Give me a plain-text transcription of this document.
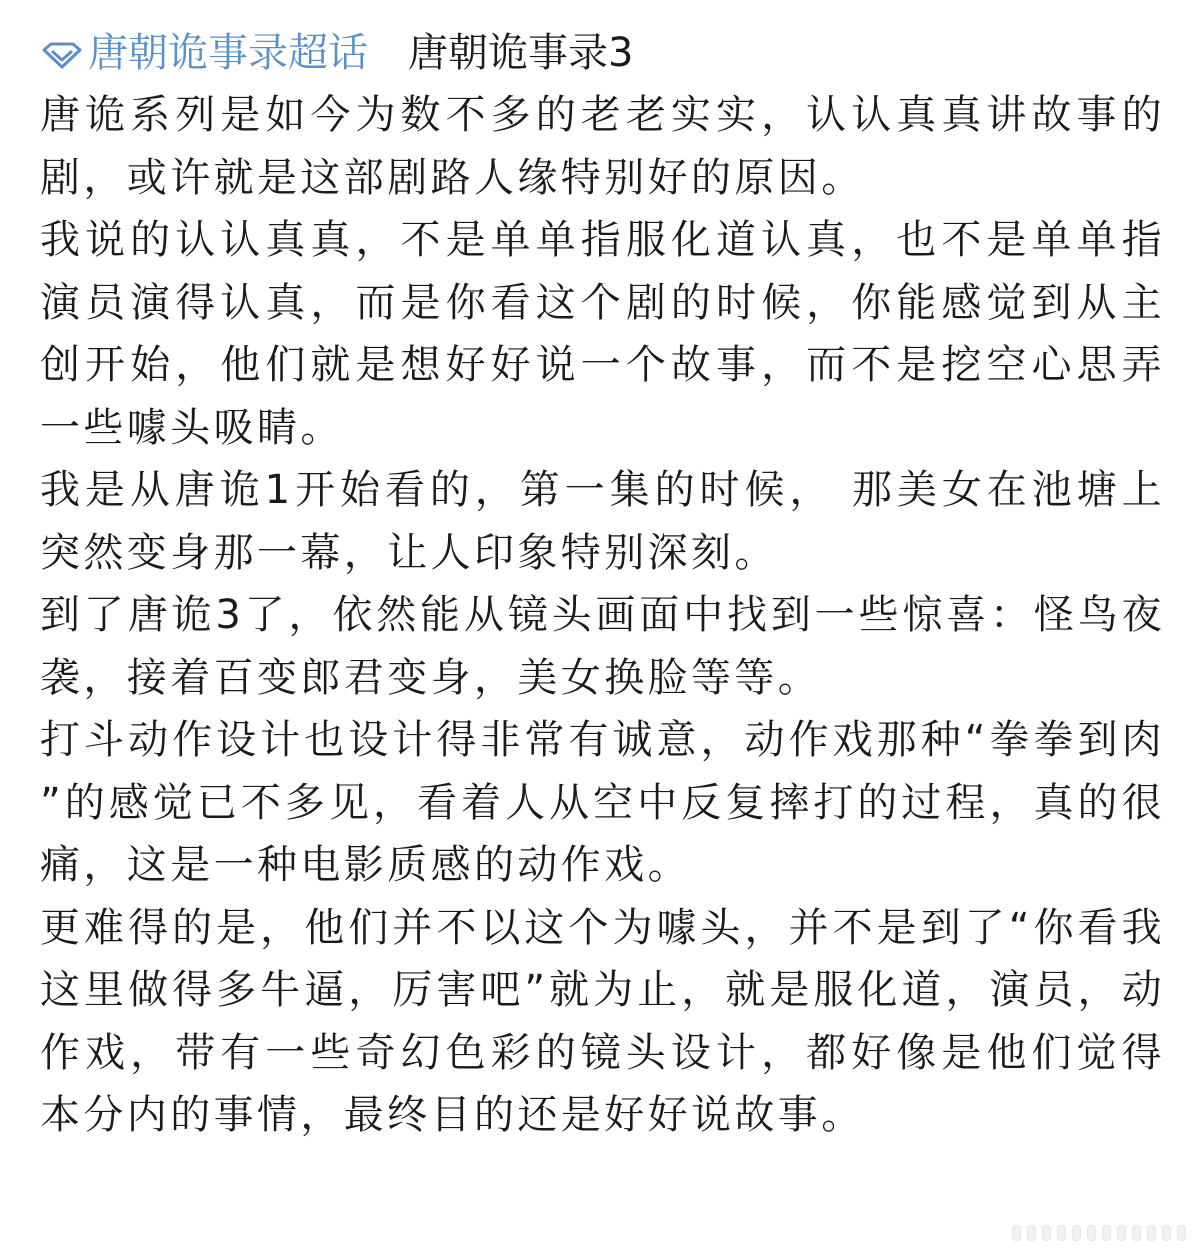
唐朝诡事录超话 唐朝诡事录3

唐诡系列是如今为数不多的老老实实，认认真真讲故事的剧，或许就是这部剧路人缘特别好的原因。

我说的认认真真，不是单单指服化道认真，也不是单单指演员演得认真，而是你看这个剧的时候，你能感觉到从主创开始，他们就是想好好说一个故事，而不是挖空心思弄一些噱头吸睛。

我是从唐诡1开始看的，第一集的时候， 那美女在池塘上突然变身那一幕，让人印象特别深刻。

到了唐诡3了，依然能从镜头画面中找到一些惊喜：怪鸟夜袭，接着百变郎君变身，美女换脸等等。

打斗动作设计也设计得非常有诚意，动作戏那种“拳拳到肉”的感觉已不多见，看着人从空中反复摔打的过程，真的很痛，这是一种电影质感的动作戏。

更难得的是，他们并不以这个为噱头，并不是到了“你看我这里做得多牛逼，厉害吧”就为止，就是服化道，演员，动作戏，带有一些奇幻色彩的镜头设计，都好像是他们觉得本分内的事情，最终目的还是好好说故事。
